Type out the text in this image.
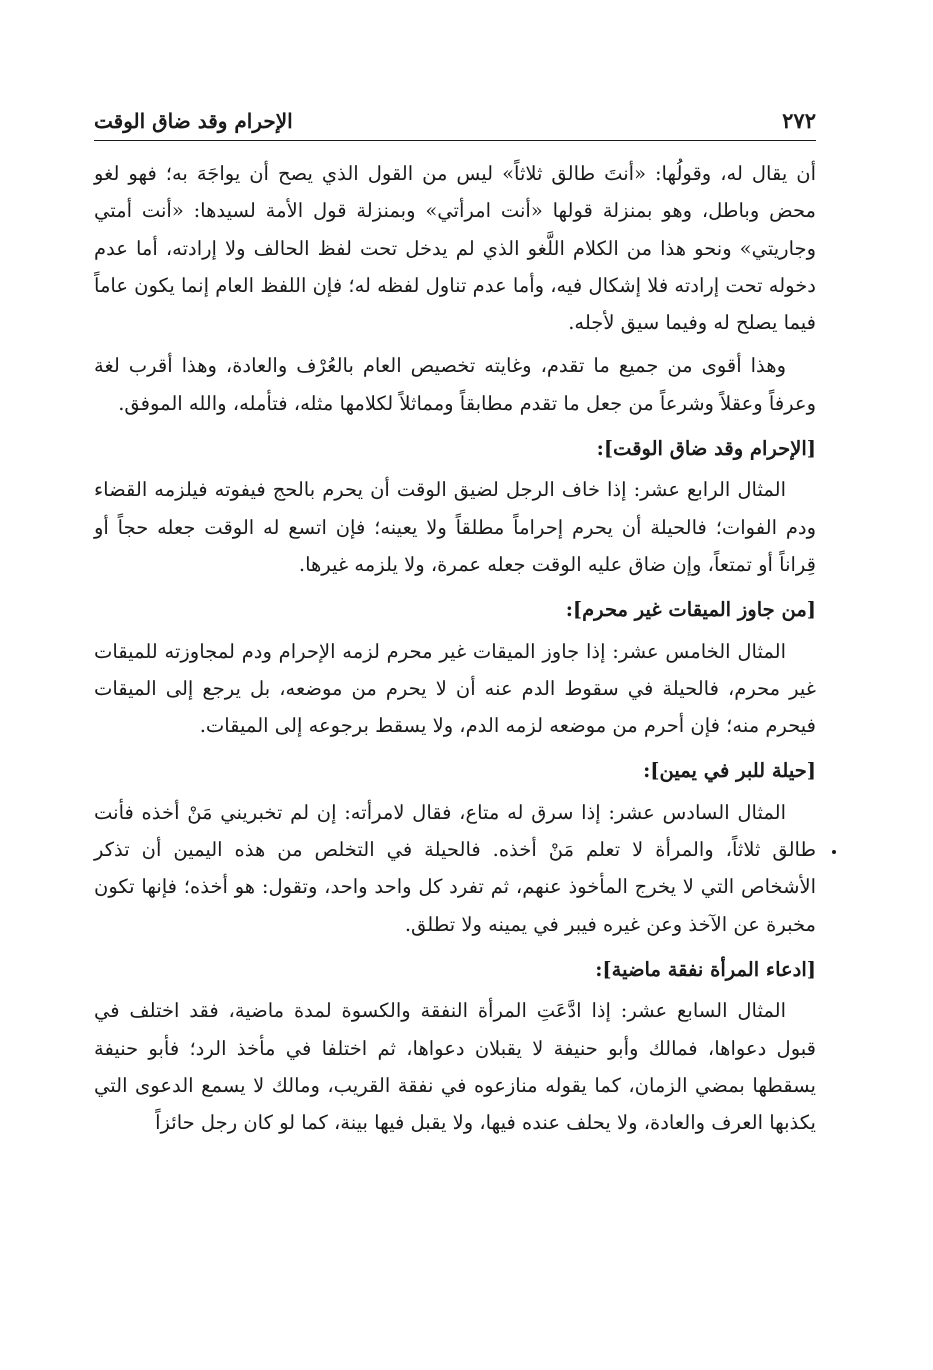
٢٧٢
الإحرام وقد ضاق الوقت

أن يقال له، وقولُها: «أنتَ طالق ثلاثاً» ليس من القول الذي يصح أن يواجَهَ به؛ فهو لغو محض وباطل، وهو بمنزلة قولها «أنت امرأتي» وبمنزلة قول الأمة لسيدها: «أنت أمتي وجاريتي» ونحو هذا من الكلام اللَّغو الذي لم يدخل تحت لفظ الحالف ولا إرادته، أما عدم دخوله تحت إرادته فلا إشكال فيه، وأما عدم تناول لفظه له؛ فإن اللفظ العام إنما يكون عاماً فيما يصلح له وفيما سيق لأجله.

وهذا أقوى من جميع ما تقدم، وغايته تخصيص العام بالعُرْف والعادة، وهذا أقرب لغة وعرفاً وعقلاً وشرعاً من جعل ما تقدم مطابقاً ومماثلاً لكلامها مثله، فتأمله، والله الموفق.

[الإحرام وقد ضاق الوقت]:

المثال الرابع عشر: إذا خاف الرجل لضيق الوقت أن يحرم بالحج فيفوته فيلزمه القضاء ودم الفوات؛ فالحيلة أن يحرم إحراماً مطلقاً ولا يعينه؛ فإن اتسع له الوقت جعله حجاً أو قِراناً أو تمتعاً، وإن ضاق عليه الوقت جعله عمرة، ولا يلزمه غيرها.

[من جاوز الميقات غير محرم]:

المثال الخامس عشر: إذا جاوز الميقات غير محرم لزمه الإحرام ودم لمجاوزته للميقات غير محرم، فالحيلة في سقوط الدم عنه أن لا يحرم من موضعه، بل يرجع إلى الميقات فيحرم منه؛ فإن أحرم من موضعه لزمه الدم، ولا يسقط برجوعه إلى الميقات.

[حيلة للبر في يمين]:

المثال السادس عشر: إذا سرق له متاع، فقال لامرأته: إن لم تخبريني مَنْ أخذه فأنت طالق ثلاثاً، والمرأة لا تعلم مَنْ أخذه. فالحيلة في التخلص من هذه اليمين أن تذكر الأشخاص التي لا يخرج المأخوذ عنهم، ثم تفرد كل واحد واحد، وتقول: هو أخذه؛ فإنها تكون مخبرة عن الآخذ وعن غيره فيبر في يمينه ولا تطلق.

[ادعاء المرأة نفقة ماضية]:

المثال السابع عشر: إذا ادَّعَتِ المرأة النفقة والكسوة لمدة ماضية، فقد اختلف في قبول دعواها، فمالك وأبو حنيفة لا يقبلان دعواها، ثم اختلفا في مأخذ الرد؛ فأبو حنيفة يسقطها بمضي الزمان، كما يقوله منازعوه في نفقة القريب، ومالك لا يسمع الدعوى التي يكذبها العرف والعادة، ولا يحلف عنده فيها، ولا يقبل فيها بينة، كما لو كان رجل حائزاً
